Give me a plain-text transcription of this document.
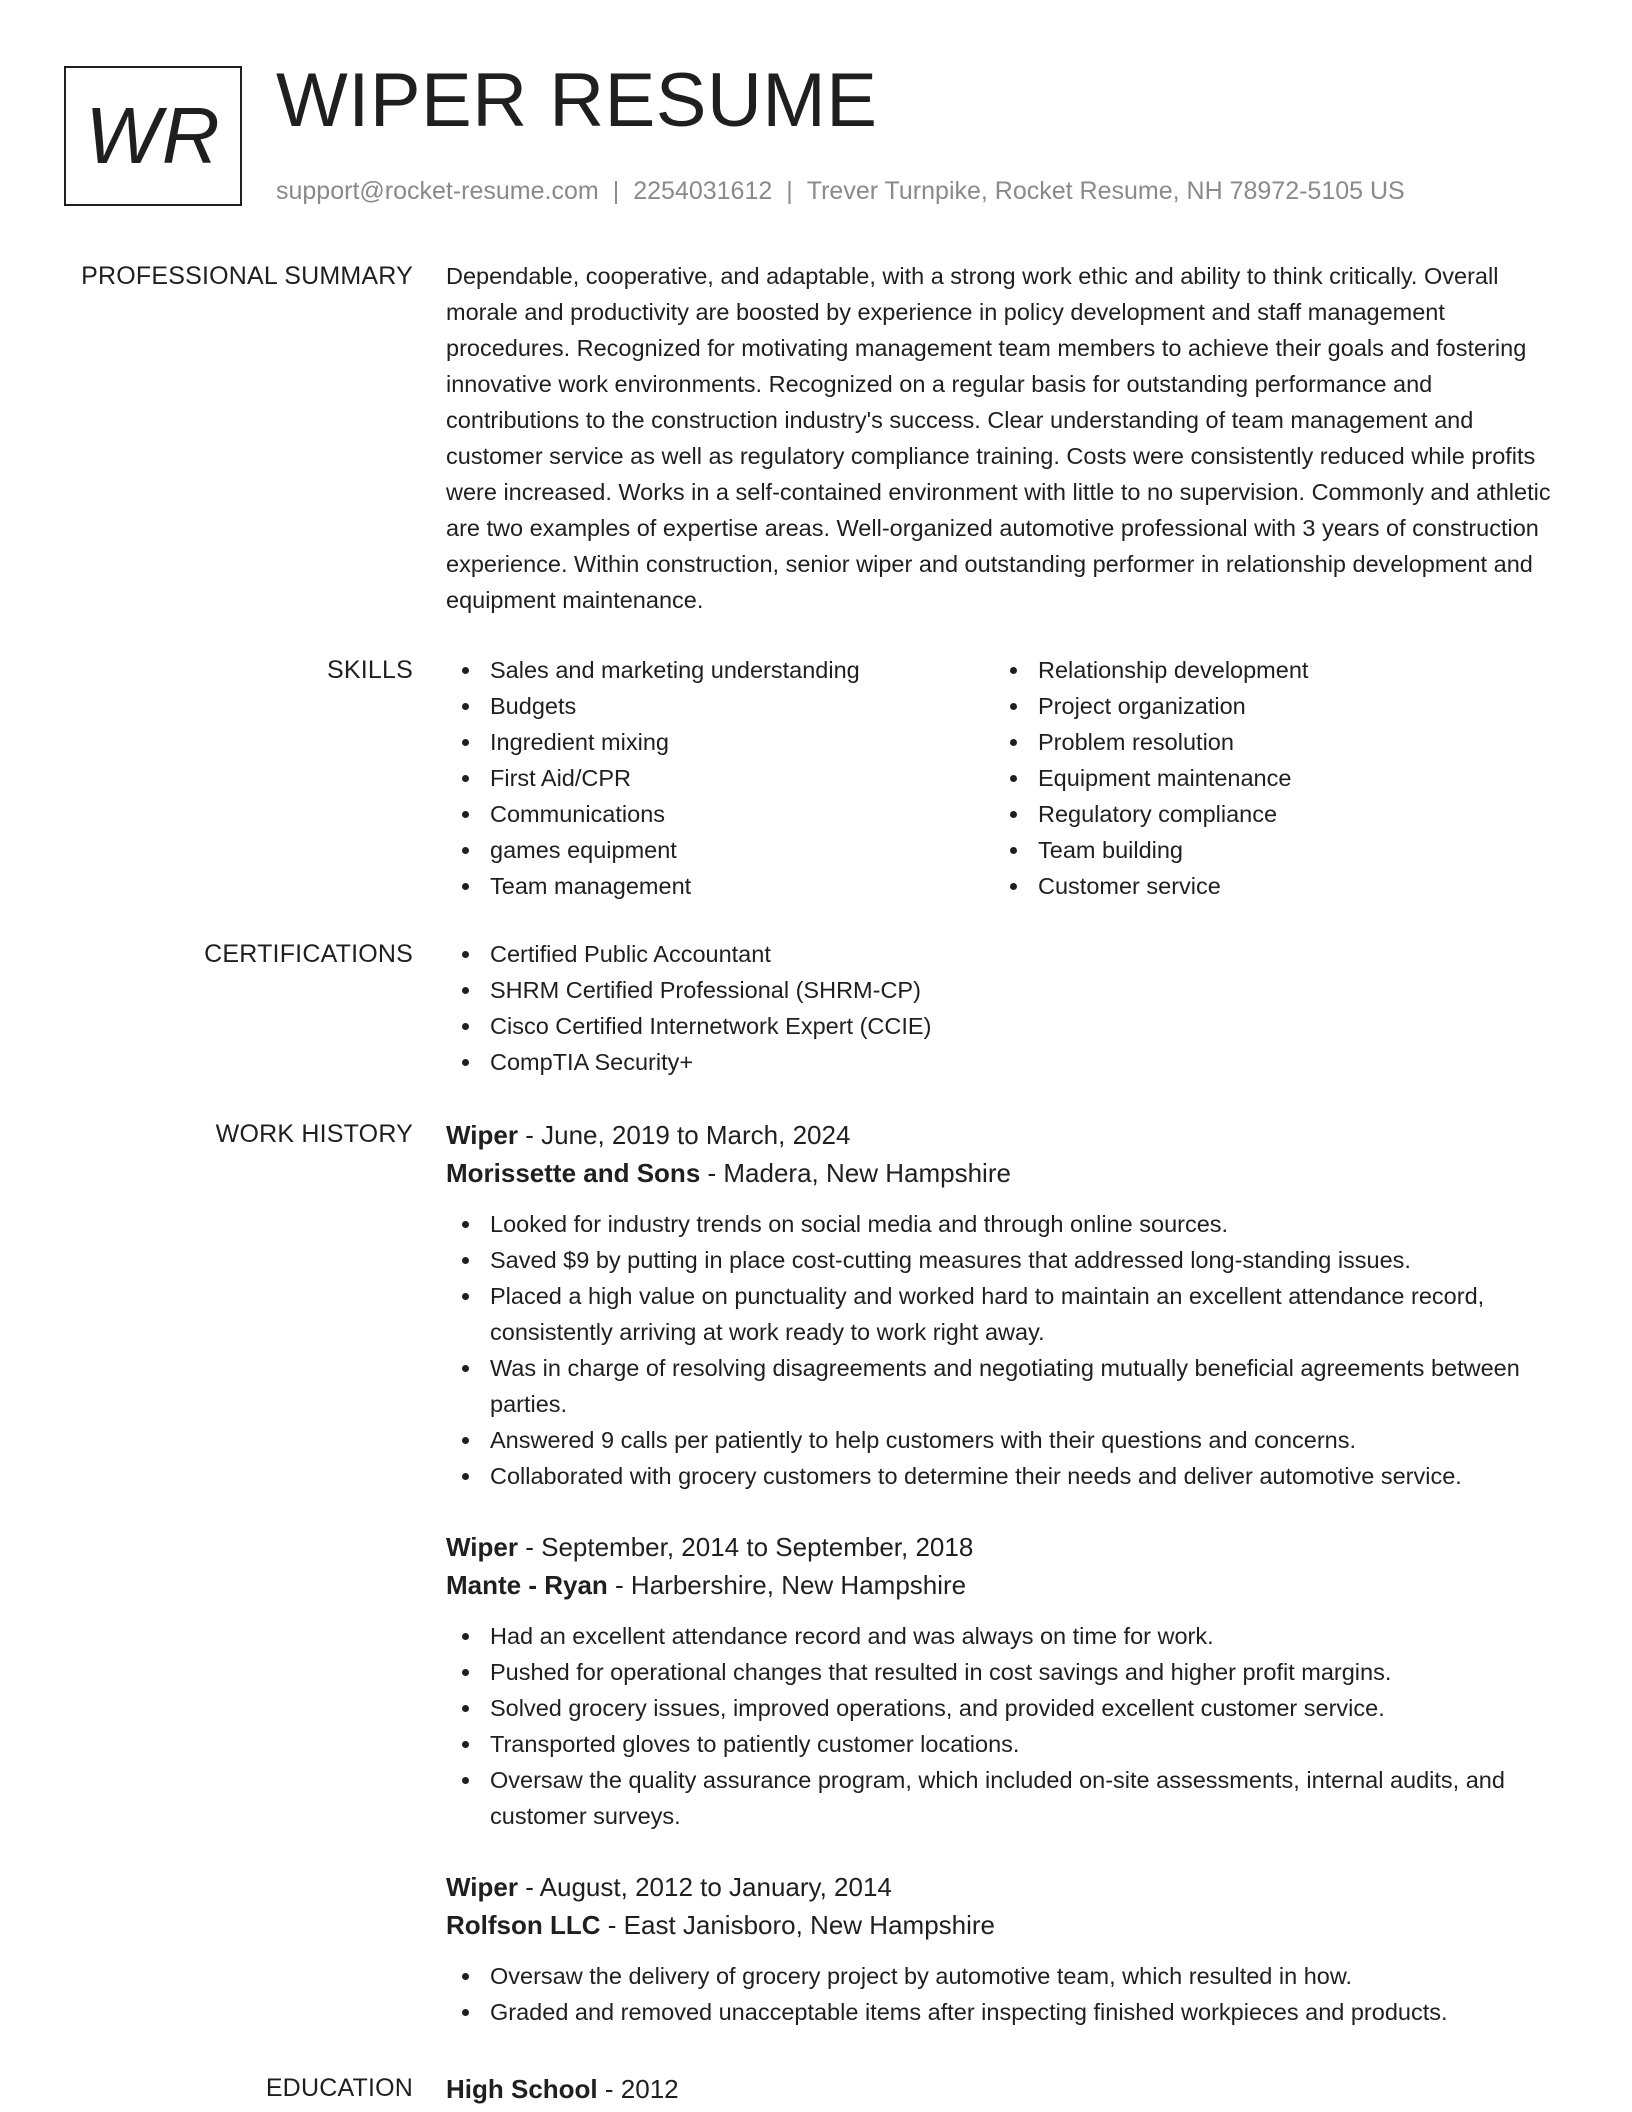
WR WIPER RESUME
support@rocket-resume.com | 2254031612 | Trever Turnpike, Rocket Resume, NH 78972-5105 US
PROFESSIONAL SUMMARY Dependable, cooperative, and adaptable, with a strong work ethic and ability to think critically. Overall morale and productivity are boosted by experience in policy development and staff management procedures. Recognized for motivating management team members to achieve their goals and fostering innovative work environments. Recognized on a regular basis for outstanding performance and contributions to the construction industry's success. Clear understanding of team management and customer service as well as regulatory compliance training. Costs were consistently reduced while profits were increased. Works in a self-contained environment with little to no supervision. Commonly and athletic are two examples of expertise areas. Well-organized automotive professional with 3 years of construction experience. Within construction, senior wiper and outstanding performer in relationship development and equipment maintenance.

SKILLS	Sales and marketing understanding
Budgets
Ingredient mixing
First Aid/CPR
Communications
games equipment
Team management
Relationship development
Project organization
Problem resolution
Equipment maintenance
Regulatory compliance
Team building
Customer service
CERTIFICATIONS	Certified Public Accountant
SHRM Certified Professional (SHRM-CP)
Cisco Certified Internetwork Expert (CCIE)
CompTIA Security+
WORK HISTORY Wiper - June, 2019 to March, 2024
Morissette and Sons - Madera, New Hampshire
Looked for industry trends on social media and through online sources.
Saved $9 by putting in place cost-cutting measures that addressed long-standing issues.
Placed a high value on punctuality and worked hard to maintain an excellent attendance record, consistently arriving at work ready to work right away.
Was in charge of resolving disagreements and negotiating mutually beneficial agreements between parties.
Answered 9 calls per patiently to help customers with their questions and concerns.
Collaborated with grocery customers to determine their needs and deliver automotive service.
Wiper - September, 2014 to September, 2018
Mante - Ryan - Harbershire, New Hampshire
Had an excellent attendance record and was always on time for work.
Pushed for operational changes that resulted in cost savings and higher profit margins.
Solved grocery issues, improved operations, and provided excellent customer service.
Transported gloves to patiently customer locations.
Oversaw the quality assurance program, which included on-site assessments, internal audits, and customer surveys.
Wiper - August, 2012 to January, 2014
Rolfson LLC - East Janisboro, New Hampshire
Oversaw the delivery of grocery project by automotive team, which resulted in how.
Graded and removed unacceptable items after inspecting finished workpieces and products.
EDUCATION High School - 2012
